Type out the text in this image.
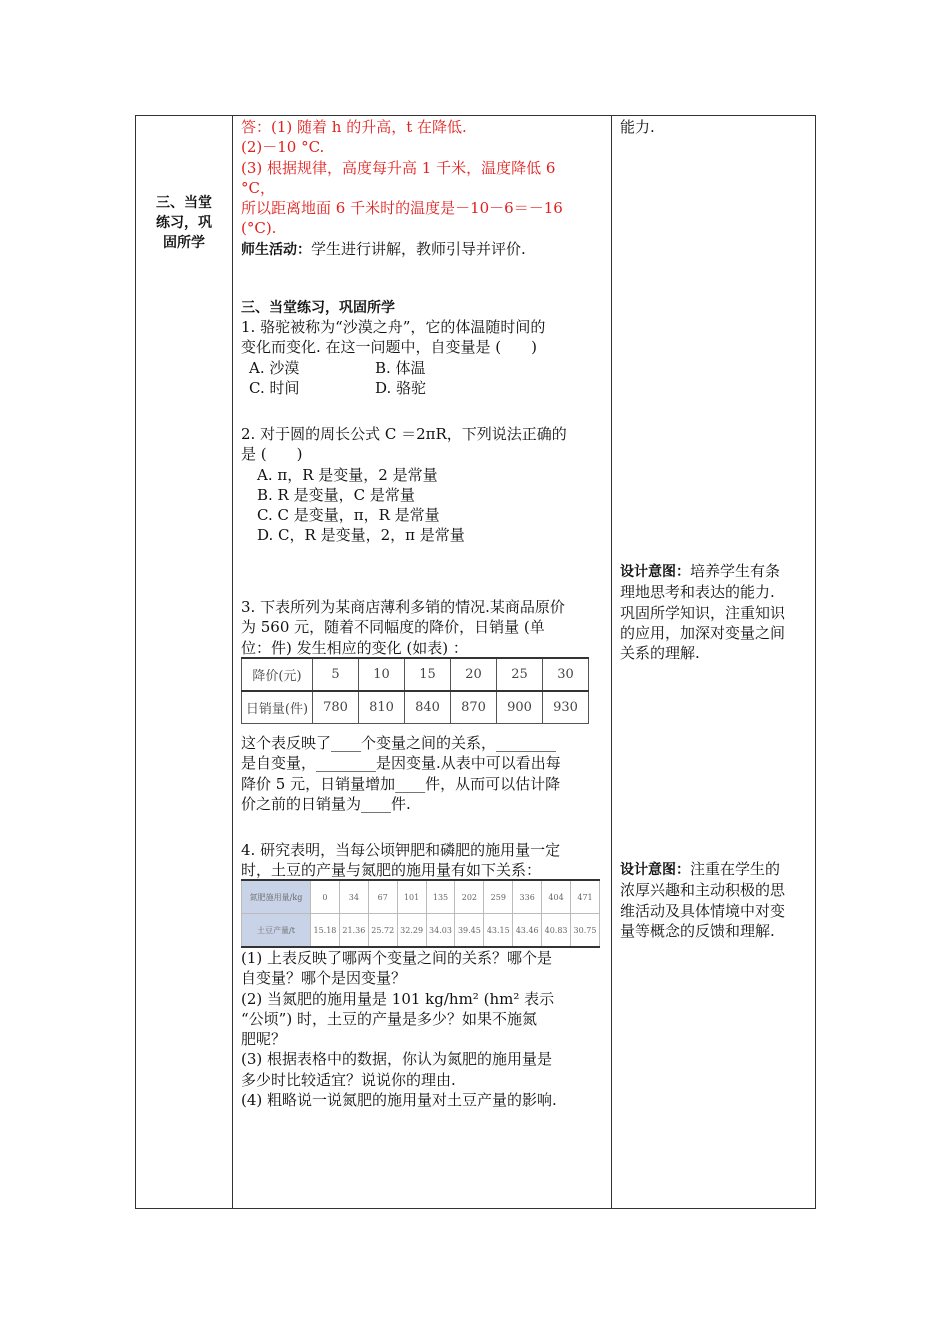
三、当堂
练习，巩
固所学
答：(1) 随着 h 的升高，t 在降低.
(2)－10 °C.
(3) 根据规律，高度每升高 1 千米，温度降低 6
°C，
所以距离地面 6 千米时的温度是－10－6＝－16
(°C).
师生活动：学生进行讲解，教师引导并评价.
三、当堂练习，巩固所学
1. 骆驼被称为“沙漠之舟”，它的体温随时间的
变化而变化. 在这一问题中，自变量是 (　　)
A. 沙漠	B. 体温
C. 时间	D. 骆驼
2. 对于圆的周长公式 C ＝2πR，下列说法正确的
是 (　　)
A. π，R 是变量，2 是常量
B. R 是变量，C 是常量
C. C 是变量，π，R 是常量
D. C，R 是变量，2，π 是常量
3. 下表所列为某商店薄利多销的情况.某商品原价
为 560 元，随着不同幅度的降价，日销量 (单
位：件) 发生相应的变化 (如表) ：
降价(元)	5	10	15	20	25	30
日销量(件)	780	810	840	870	900	930
这个表反映了____个变量之间的关系，________
是自变量，________是因变量.从表中可以看出每
降价 5 元，日销量增加____件，从而可以估计降
价之前的日销量为____件.
4. 研究表明，当每公顷钾肥和磷肥的施用量一定
时，土豆的产量与氮肥的施用量有如下关系：
氮肥施用量/kg	0	34	67	101	135	202	259	336	404	471
土豆产量/t	15.18	21.36	25.72	32.29	34.03	39.45	43.15	43.46	40.83	30.75
(1) 上表反映了哪两个变量之间的关系？哪个是
自变量？哪个是因变量？
(2) 当氮肥的施用量是 101 kg/hm² (hm² 表示
“公顷”) 时，土豆的产量是多少？如果不施氮
肥呢？
(3) 根据表格中的数据，你认为氮肥的施用量是
多少时比较适宜？说说你的理由.
(4) 粗略说一说氮肥的施用量对土豆产量的影响.
能力.
设计意图：培养学生有条
理地思考和表达的能力.
巩固所学知识，注重知识
的应用，加深对变量之间
关系的理解.
设计意图：注重在学生的
浓厚兴趣和主动积极的思
维活动及具体情境中对变
量等概念的反馈和理解.
